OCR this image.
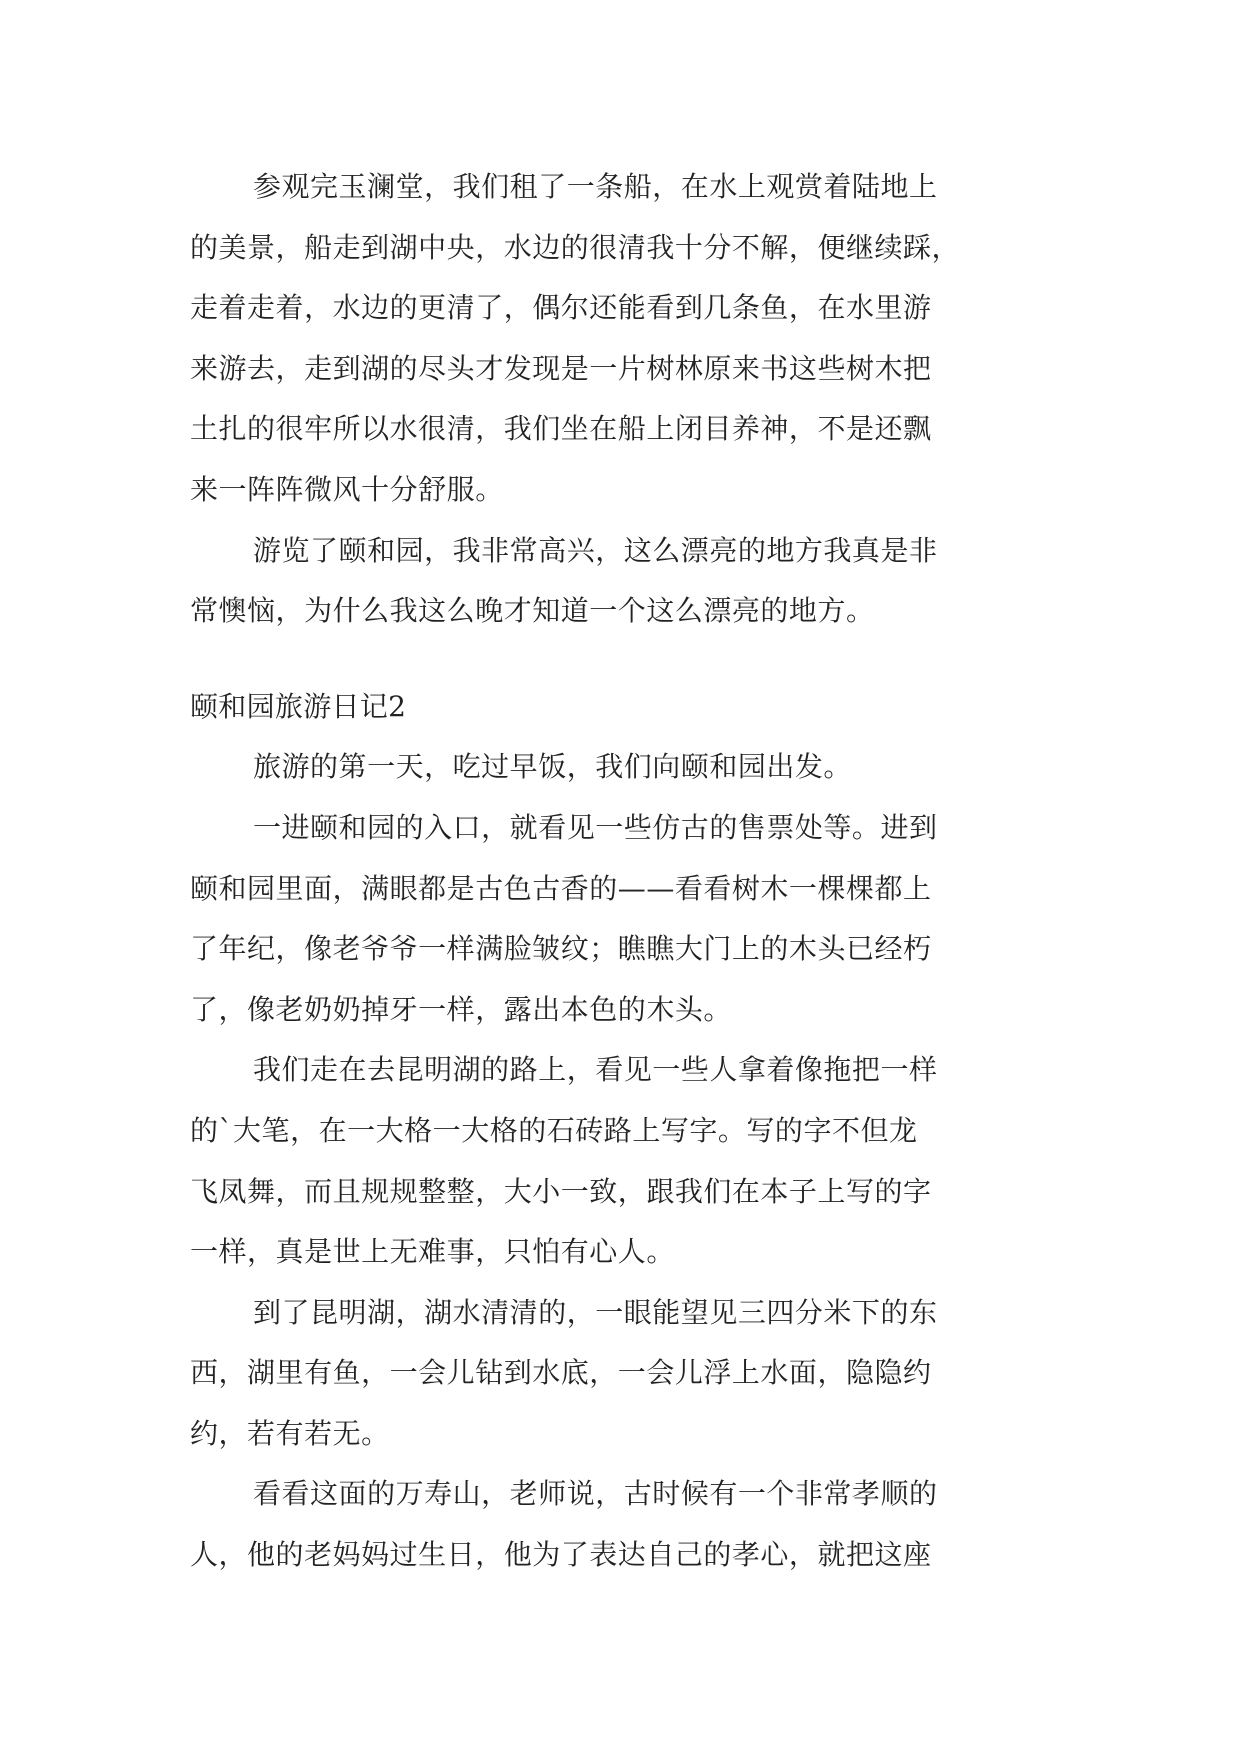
参观完玉澜堂，我们租了一条船，在水上观赏着陆地上
的美景，船走到湖中央，水边的很清我十分不解，便继续踩，
走着走着，水边的更清了，偶尔还能看到几条鱼，在水里游
来游去，走到湖的尽头才发现是一片树林原来书这些树木把
土扎的很牢所以水很清，我们坐在船上闭目养神，不是还飘
来一阵阵微风十分舒服。
游览了颐和园，我非常高兴，这么漂亮的地方我真是非
常懊恼，为什么我这么晚才知道一个这么漂亮的地方。
颐和园旅游日记2
旅游的第一天，吃过早饭，我们向颐和园出发。
一进颐和园的入口，就看见一些仿古的售票处等。进到
颐和园里面，满眼都是古色古香的——看看树木一棵棵都上
了年纪，像老爷爷一样满脸皱纹；瞧瞧大门上的木头已经朽
了，像老奶奶掉牙一样，露出本色的木头。
我们走在去昆明湖的路上，看见一些人拿着像拖把一样
的`大笔，在一大格一大格的石砖路上写字。写的字不但龙
飞凤舞，而且规规整整，大小一致，跟我们在本子上写的字
一样，真是世上无难事，只怕有心人。
到了昆明湖，湖水清清的，一眼能望见三四分米下的东
西，湖里有鱼，一会儿钻到水底，一会儿浮上水面，隐隐约
约，若有若无。
看看这面的万寿山，老师说，古时候有一个非常孝顺的
人，他的老妈妈过生日，他为了表达自己的孝心，就把这座
